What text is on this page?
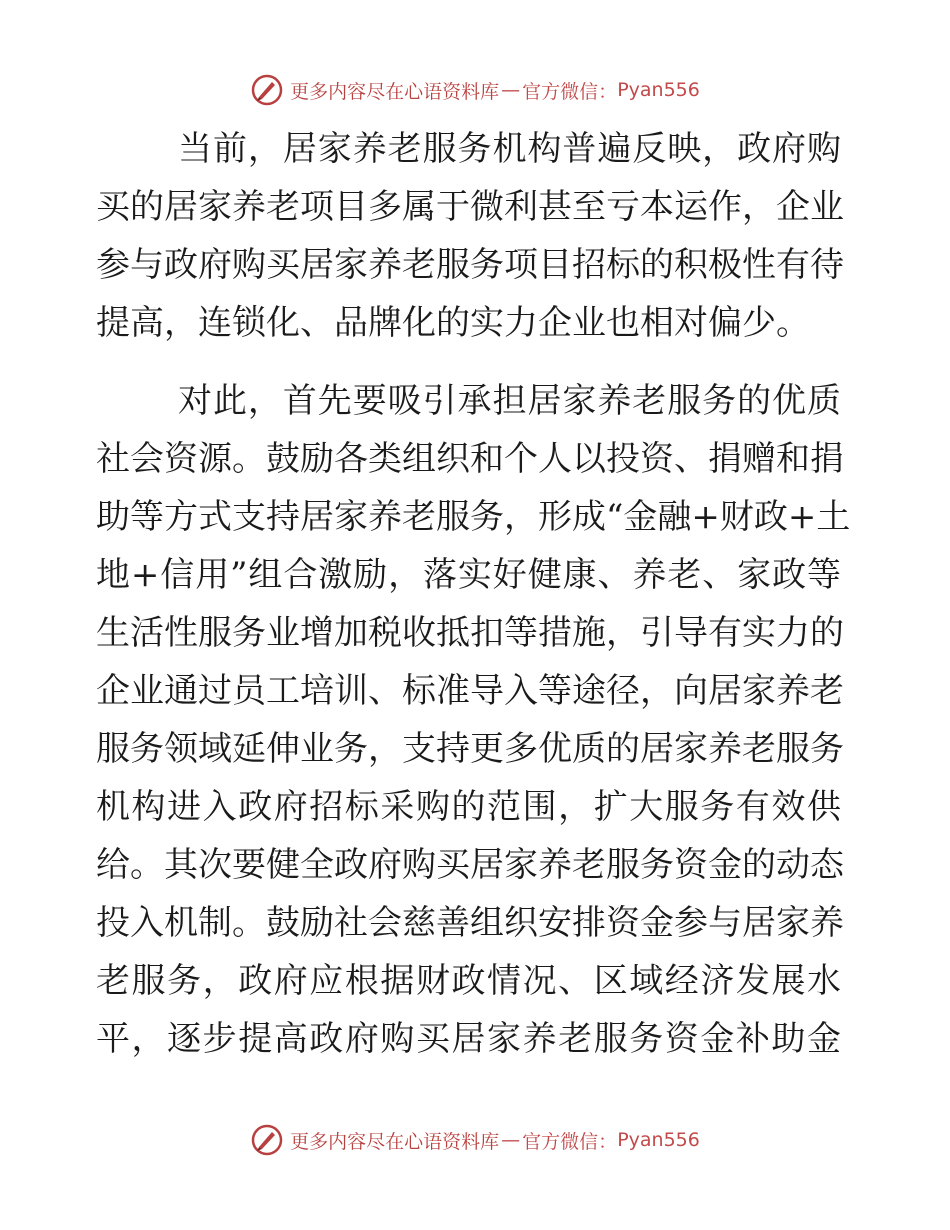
更多内容尽在心语资料库 — 官方微信： Pyan556
当前，居家养老服务机构普遍反映，政府购
买的居家养老项目多属于微利甚至亏本运作，企业
参与政府购买居家养老服务项目招标的积极性有待
提高，连锁化、品牌化的实力企业也相对偏少。
对此，首先要吸引承担居家养老服务的优质
社会资源。鼓励各类组织和个人以投资、捐赠和捐
助等方式支持居家养老服务，形成“金融+财政+土
地+信用”组合激励，落实好健康、养老、家政等
生活性服务业增加税收抵扣等措施，引导有实力的
企业通过员工培训、标准导入等途径，向居家养老
服务领域延伸业务，支持更多优质的居家养老服务
机构进入政府招标采购的范围，扩大服务有效供
给。其次要健全政府购买居家养老服务资金的动态
投入机制。鼓励社会慈善组织安排资金参与居家养
老服务，政府应根据财政情况、区域经济发展水
平，逐步提高政府购买居家养老服务资金补助金
更多内容尽在心语资料库 — 官方微信： Pyan556
